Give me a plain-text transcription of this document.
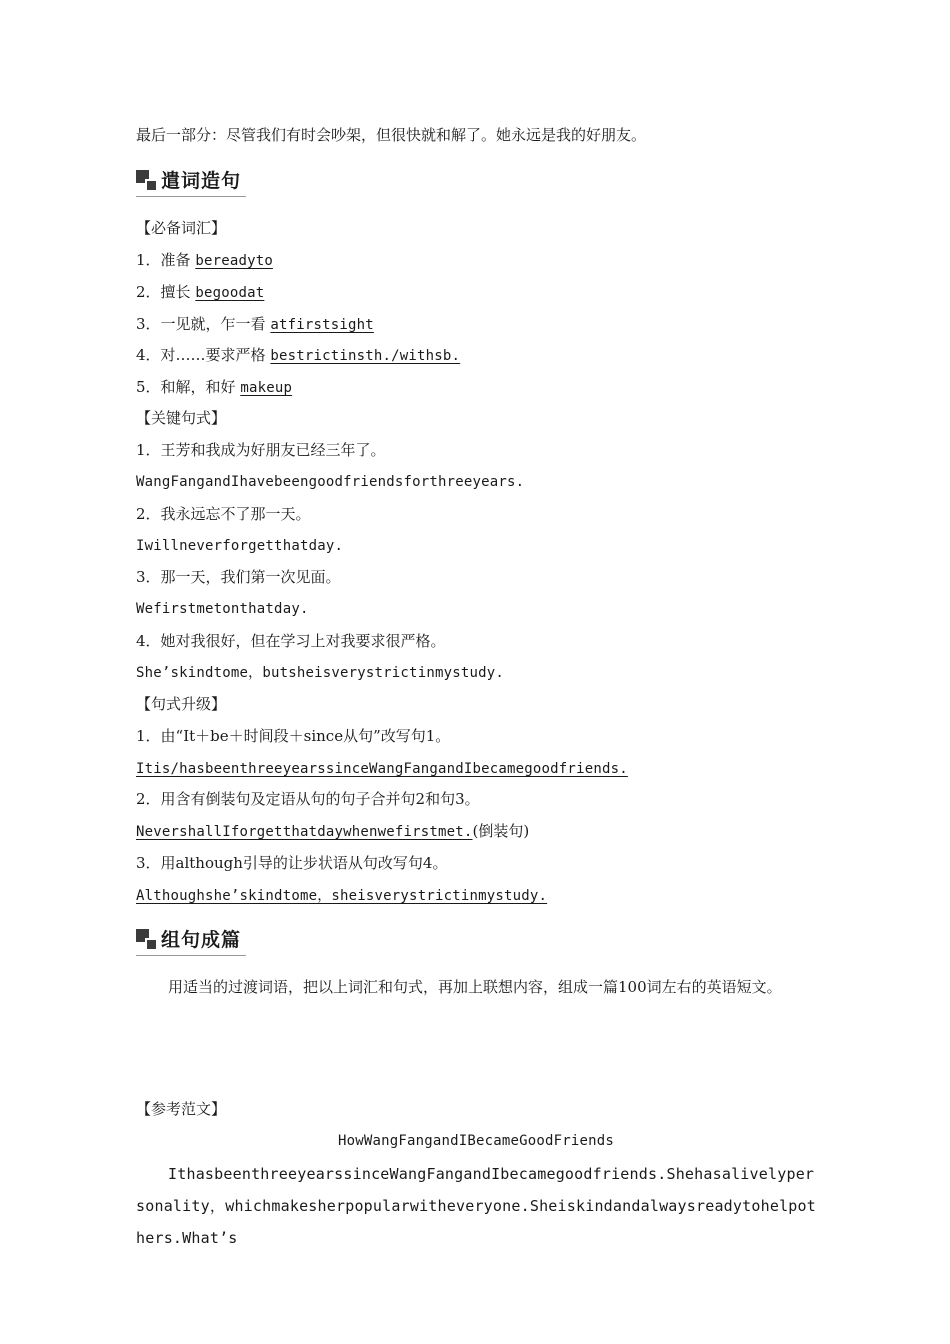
最后一部分：尽管我们有时会吵架，但很快就和解了。她永远是我的好朋友。
遣词造句
【必备词汇】
1．准备 bereadyto
2．擅长 begoodat
3．一见就，乍一看 atfirstsight
4．对……要求严格 bestrictinsth./withsb.
5．和解，和好 makeup
【关键句式】
1．王芳和我成为好朋友已经三年了。
WangFangandIhavebeengoodfriendsforthreeyears.
2．我永远忘不了那一天。
Iwillneverforgetthatday.
3．那一天，我们第一次见面。
Wefirstmetonthatday.
4．她对我很好，但在学习上对我要求很严格。
She’skindtome，butsheisverystrictinmystudy.
【句式升级】
1．由“It＋be＋时间段＋since从句”改写句1。
Itis/hasbeenthreeyearssinceWangFangandIbecamegoodfriends.
2．用含有倒装句及定语从句的句子合并句2和句3。
NevershallIforgetthatdaywhenwefirstmet.(倒装句)
3．用although引导的让步状语从句改写句4。
Althoughshe’skindtome，sheisverystrictinmystudy.
组句成篇
用适当的过渡词语，把以上词汇和句式，再加上联想内容，组成一篇100词左右的英语短文。
【参考范文】
HowWangFangandIBecameGoodFriends
IthasbeenthreeyearssinceWangFangandIbecamegoodfriends.Shehasalivelypersonality，whichmakesherpopularwitheveryone.Sheiskindandalwaysreadytohelpothers.What’s
